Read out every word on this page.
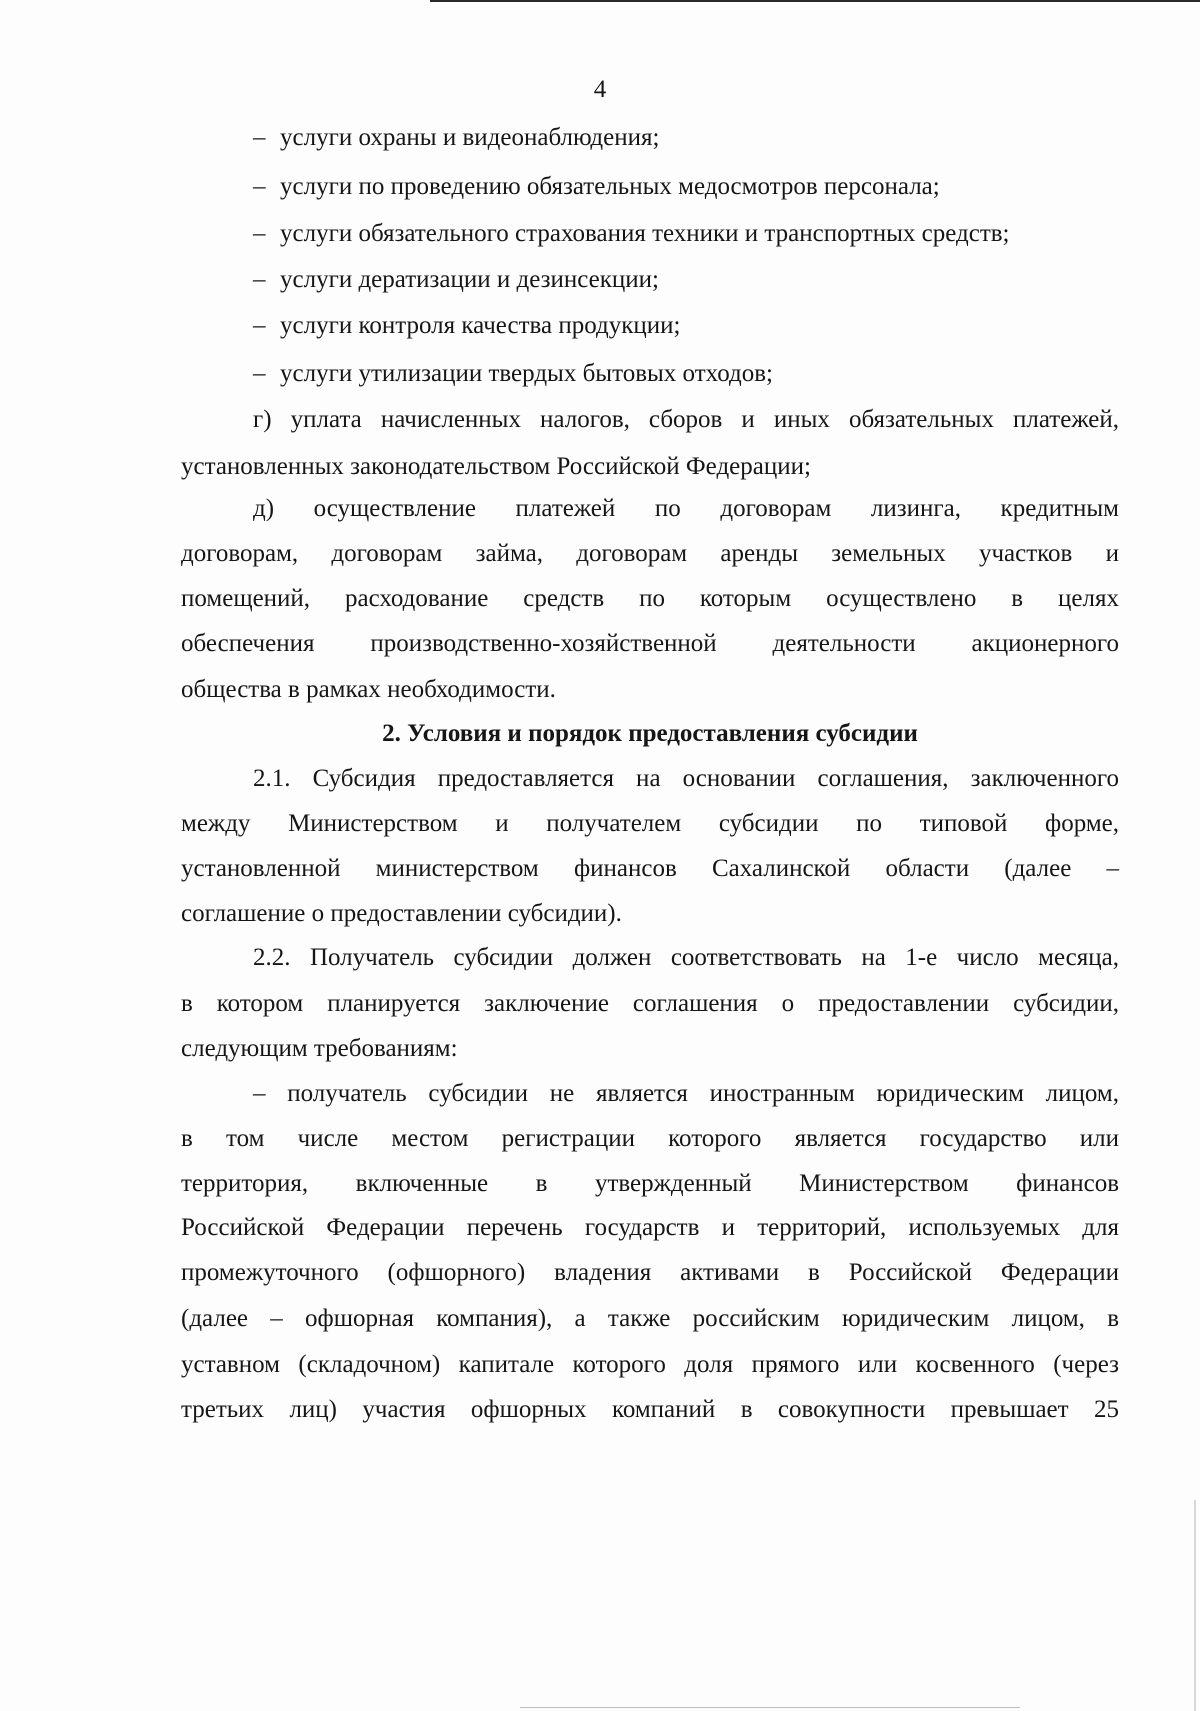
4
– услуги охраны и видеонаблюдения;
– услуги по проведению обязательных медосмотров персонала;
– услуги обязательного страхования техники и транспортных средств;
– услуги дератизации и дезинсекции;
– услуги контроля качества продукции;
– услуги утилизации твердых бытовых отходов;
г) уплата начисленных налогов, сборов и иных обязательных платежей,
установленных законодательством Российской Федерации;
д) осуществление платежей по договорам лизинга, кредитным
договорам, договорам займа, договорам аренды земельных участков и
помещений, расходование средств по которым осуществлено в целях
обеспечения производственно-хозяйственной деятельности акционерного
общества в рамках необходимости.
2. Условия и порядок предоставления субсидии
2.1. Субсидия предоставляется на основании соглашения, заключенного
между Министерством и получателем субсидии по типовой форме,
установленной министерством финансов Сахалинской области (далее –
соглашение о предоставлении субсидии).
2.2. Получатель субсидии должен соответствовать на 1-е число месяца,
в котором планируется заключение соглашения о предоставлении субсидии,
следующим требованиям:
– получатель субсидии не является иностранным юридическим лицом,
в том числе местом регистрации которого является государство или
территория, включенные в утвержденный Министерством финансов
Российской Федерации перечень государств и территорий, используемых для
промежуточного (офшорного) владения активами в Российской Федерации
(далее – офшорная компания), а также российским юридическим лицом, в
уставном (складочном) капитале которого доля прямого или косвенного (через
третьих лиц) участия офшорных компаний в совокупности превышает 25
